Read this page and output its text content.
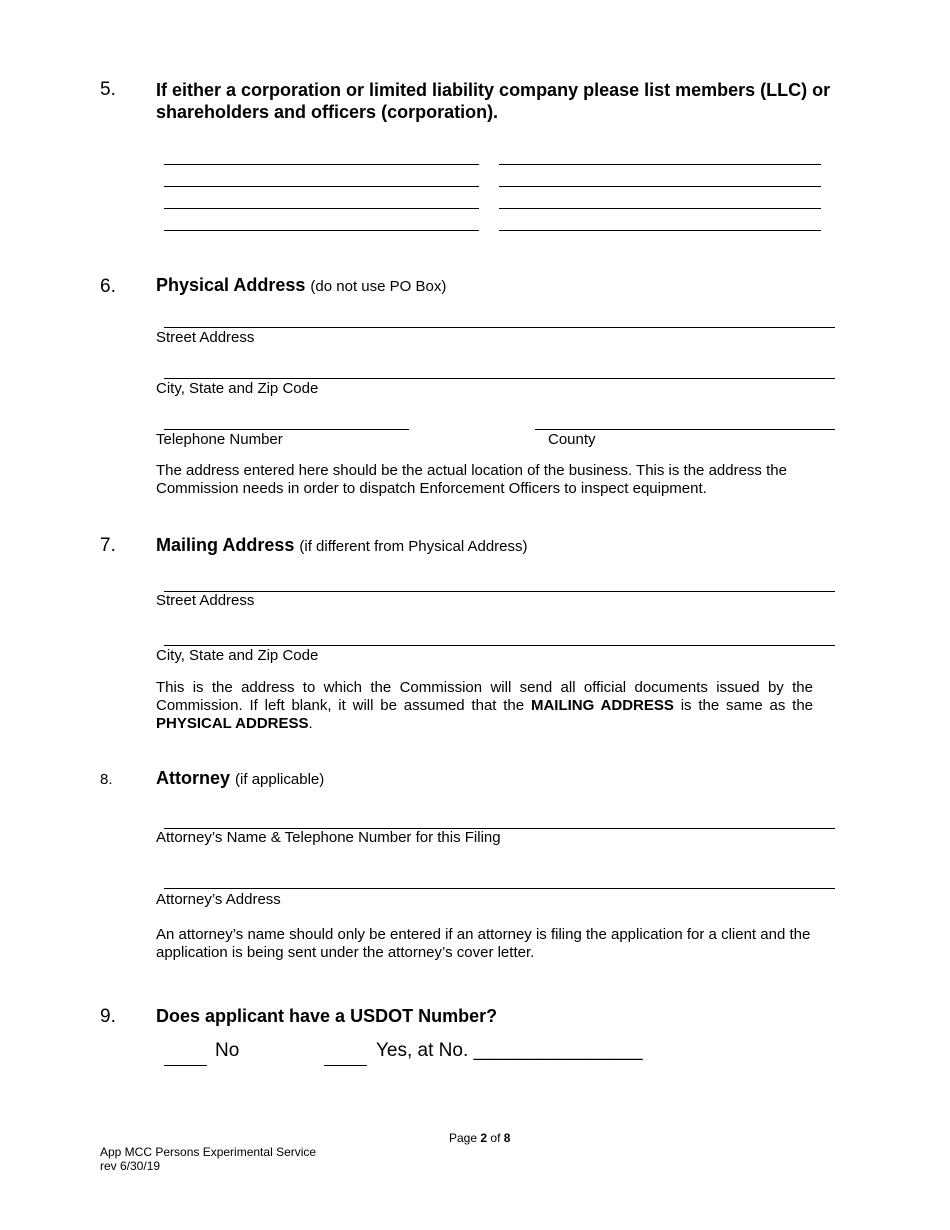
5. If either a corporation or limited liability company please list members (LLC) or shareholders and officers (corporation).
6. Physical Address (do not use PO Box)
Street Address
City, State and Zip Code
Telephone Number	County
The address entered here should be the actual location of the business. This is the address the Commission needs in order to dispatch Enforcement Officers to inspect equipment.
7. Mailing Address (if different from Physical Address)
Street Address
City, State and Zip Code
This is the address to which the Commission will send all official documents issued by the Commission. If left blank, it will be assumed that the MAILING ADDRESS is the same as the PHYSICAL ADDRESS.
8. Attorney (if applicable)
Attorney’s Name & Telephone Number for this Filing
Attorney’s Address
An attorney’s name should only be entered if an attorney is filing the application for a client and the application is being sent under the attorney’s cover letter.
9. Does applicant have a USDOT Number?
No	Yes, at No. ________________
Page 2 of 8
App MCC Persons Experimental Service
rev 6/30/19
